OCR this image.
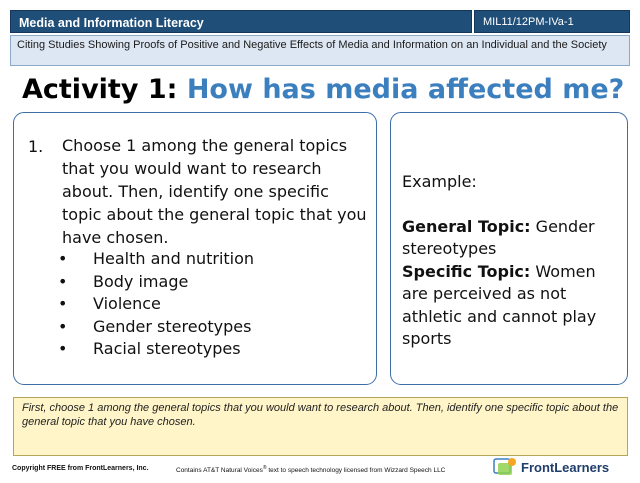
Media and Information Literacy	MIL11/12PM-IVa-1
Citing Studies Showing Proofs of Positive and Negative Effects of Media and Information on an Individual and the Society
Activity 1: How has media affected me?
1. Choose 1 among the general topics that you would want to research about. Then, identify one specific topic about the general topic that you have chosen.
• Health and nutrition
• Body image
• Violence
• Gender stereotypes
• Racial stereotypes
Example:
General Topic: Gender stereotypes
Specific Topic: Women are perceived as not athletic and cannot play sports
First, choose 1 among the general topics that you would want to research about. Then, identify one specific topic about the general topic that you have chosen.
Copyright FREE from FrontLearners, Inc.	Contains AT&T Natural Voices® text to speech technology licensed from Wizzard Speech LLC	FrontLearners
